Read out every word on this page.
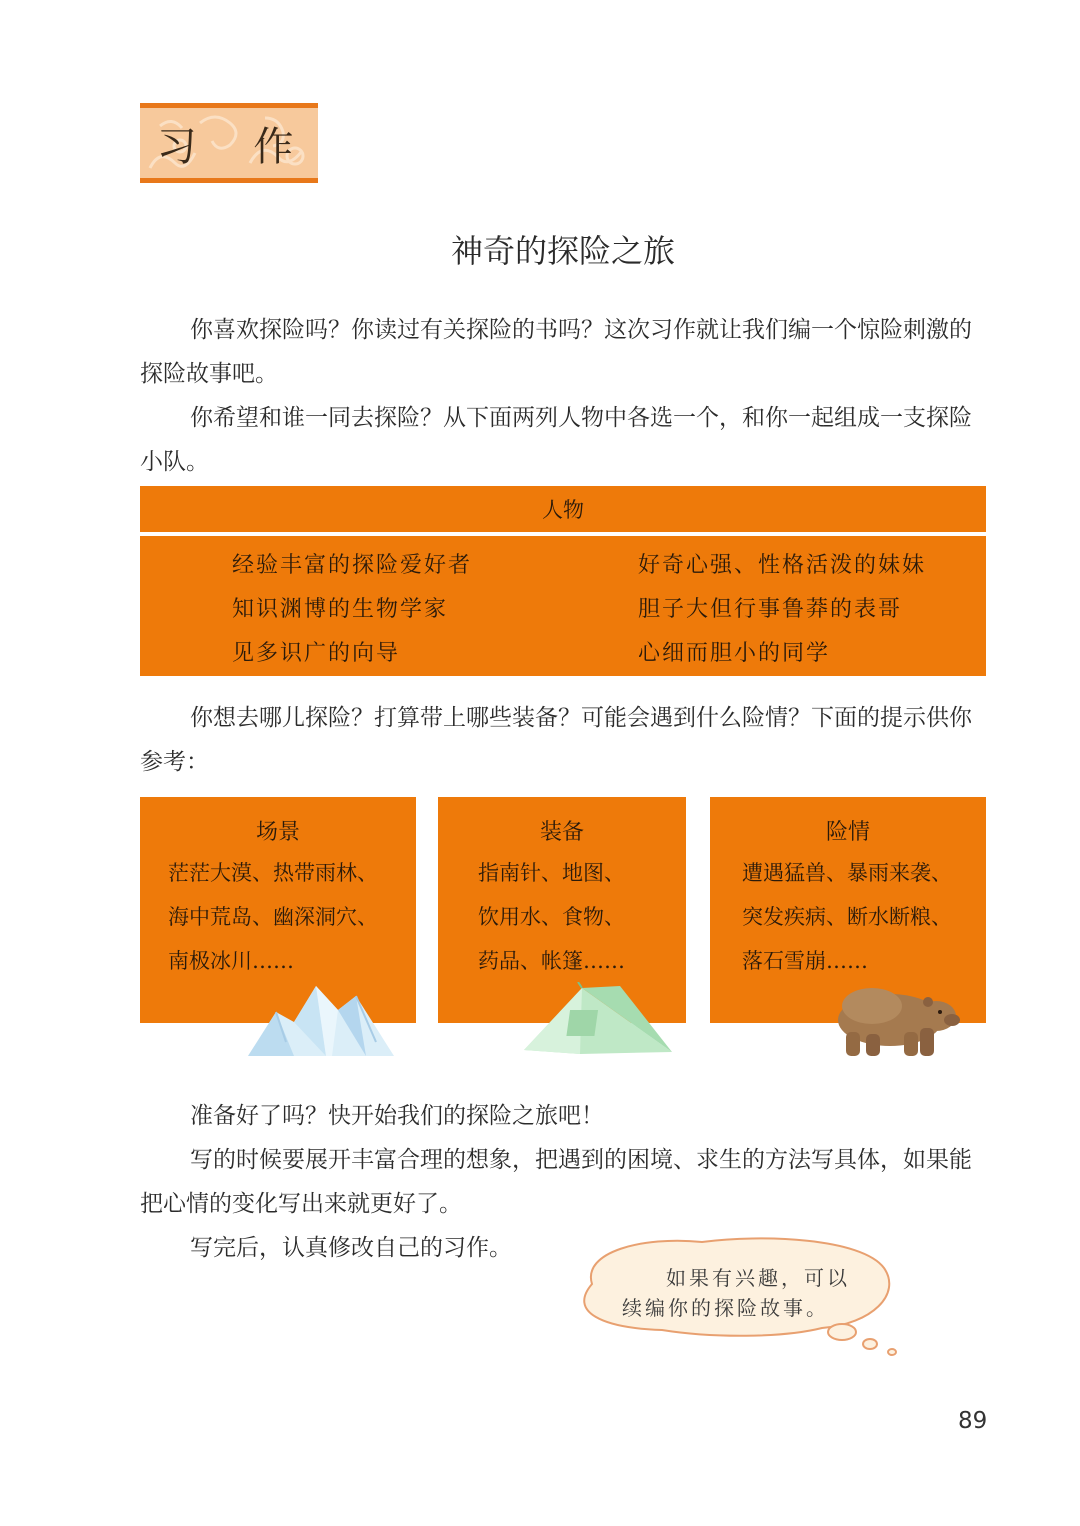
习 作
神奇的探险之旅

你喜欢探险吗？你读过有关探险的书吗？这次习作就让我们编一个惊险刺激的探险故事吧。

你希望和谁一同去探险？从下面两列人物中各选一个，和你一起组成一支探险小队。

人物
经验丰富的探险爱好者
知识渊博的生物学家
见多识广的向导
好奇心强、性格活泼的妹妹
胆子大但行事鲁莽的表哥
心细而胆小的同学

你想去哪儿探险？打算带上哪些装备？可能会遇到什么险情？下面的提示供你参考：

场景
茫茫大漠、热带雨林、
海中荒岛、幽深洞穴、
南极冰川……
装备
指南针、地图、
饮用水、食物、
药品、帐篷……
险情
遭遇猛兽、暴雨来袭、
突发疾病、断水断粮、
落石雪崩……

准备好了吗？快开始我们的探险之旅吧！

写的时候要展开丰富合理的想象，把遇到的困境、求生的方法写具体，如果能把心情的变化写出来就更好了。

写完后，认真修改自己的习作。

如果有兴趣，可以
续编你的探险故事。
89
